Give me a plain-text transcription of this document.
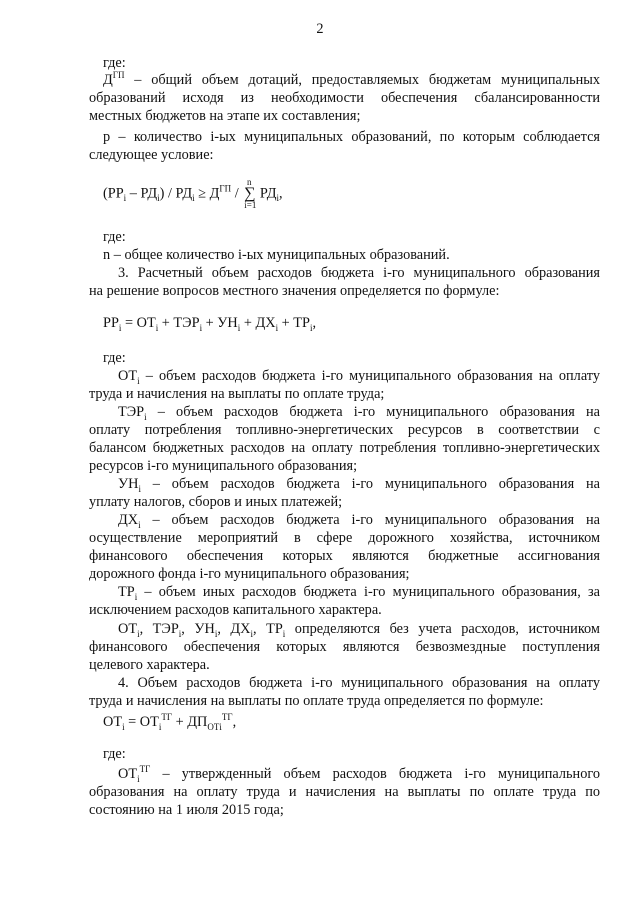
2
где:
$Д^{ГП}$ – общий объем дотаций, предоставляемых бюджетам муниципальных
образований исходя из необходимости обеспечения сбалансированности
местных бюджетов на этапе их составления;
р – количество i-ых муниципальных образований, по которым соблюдается
следующее условие:
$(РР_i - РД_i) / РД_i \ge Д^{ГП} / n$
∑
i=1 $РД_i$,
где:
n – общее количество i-ых муниципальных образований.
3. Расчетный объем расходов бюджета i-го муниципального образования
на решение вопросов местного значения определяется по формуле:
$РР_i = ОТ_i + ТЭР_i + УН_i + ДХ_i + ТР_i$,
где:
$ОТ_i$ – объем расходов бюджета i-го муниципального образования на оплату
труда и начисления на выплаты по оплате труда;
$ТЭР_i$ – объем расходов бюджета i-го муниципального образования на
оплату потребления топливно-энергетических ресурсов в соответствии с
балансом бюджетных расходов на оплату потребления топливно-энергетических
ресурсов i-го муниципального образования;
$УН_i$ – объем расходов бюджета i-го муниципального образования на
уплату налогов, сборов и иных платежей;
$ДХ_i$ – объем расходов бюджета i-го муниципального образования на
осуществление мероприятий в сфере дорожного хозяйства, источником
финансового обеспечения которых являются бюджетные ассигнования
дорожного фонда i-го муниципального образования;
$ТР_i$ – объем иных расходов бюджета i-го муниципального образования, за
исключением расходов капитального характера.
$ОТ_i$, $ТЭР_i$, $УН_i$, $ДХ_i$, $ТР_i$ определяются без учета расходов, источником
финансового обеспечения которых являются безвозмездные поступления
целевого характера.
4. Объем расходов бюджета i-го муниципального образования на оплату
труда и начисления на выплаты по оплате труда определяется по формуле:
$ОТ_i = ОТ_i^{ТГ} + ДП_{ОТi}^{ТГ}$,
где:
$ОТ_i^{ТГ}$ – утвержденный объем расходов бюджета i-го муниципального
образования на оплату труда и начисления на выплаты по оплате труда по
состоянию на 1 июля 2015 года;
